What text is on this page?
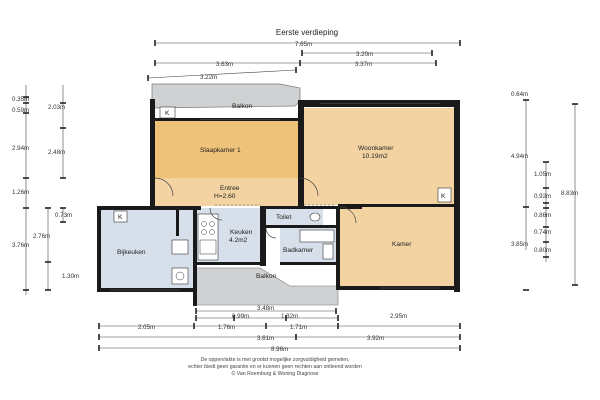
Eerste verdieping
7.65m
3.20m
3.63m	3.37m
3.22m
0.35m
0.59m
2.94m
1.26m
3.76m
2.03m
2.48m
2.76m
1.30m
0.73m
0.64m
4.94m
3.85m
1.05m
0.92m
0.86m
0.74m
0.80m
8.83m
K
K
K
Balkon
Slaapkamer 1	Woonkamer
10.19m2
Entree
H=2.60
Bijkeuken
Keuken
4.2m2
Toilet
Badkamer
Kamer
Balkon
3.48m
0.99m	1.32m
2.05m	1.76m	1.71m
2.95m
3.61m	3.92m
8.96m
De oppervlakte is met grootst mogelijke zorgvuldigheid gemeten,
echter biedt geen garantie en er kunnen geen rechten aan ontleend worden
© Van Roemburg & Woning Diagnose
